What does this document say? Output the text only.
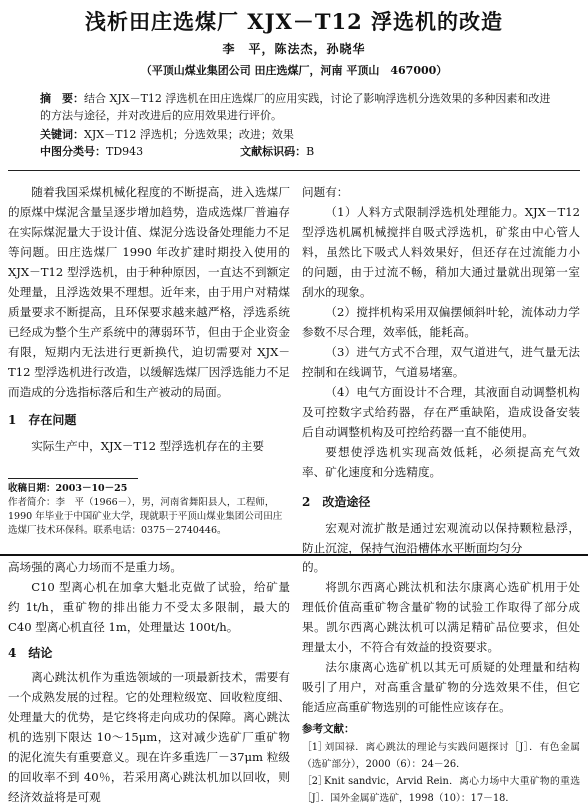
浅析田庄选煤厂 XJX－T12 浮选机的改造
李　平，陈法杰，孙晓华
（平顶山煤业集团公司 田庄选煤厂，河南 平顶山　467000）
摘　要：结合 XJX－T12 浮选机在田庄选煤厂的应用实践，讨论了影响浮选机分选效果的多种因素和改进的方法与途径，并对改进后的应用效果进行评价。
关键词：XJX－T12 浮选机；分选效果；改进；效果
中图分类号：TD943	文献标识码：B

随着我国采煤机械化程度的不断提高，进入选煤厂的原煤中煤泥含量呈逐步增加趋势，造成选煤厂普遍存在实际煤泥量大于设计值、煤泥分选设备处理能力不足等问题。田庄选煤厂 1990 年改扩建时期投入使用的 XJX－T12 型浮选机，由于种种原因，一直达不到额定处理量，且浮选效果不理想。近年来，由于用户对精煤质量要求不断提高，且环保要求越来越严格，浮选系统已经成为整个生产系统中的薄弱环节，但由于企业资金有限，短期内无法进行更新换代，迫切需要对 XJX－T12 型浮选机进行改造，以缓解选煤厂因浮选能力不足而造成的分选指标落后和生产被动的局面。

1　存在问题

实际生产中，XJX－T12 型浮选机存在的主要

收稿日期：2003－10－25
作者简介：李　平（1966－），男，河南省舞阳县人，工程师，1990 年毕业于中国矿业大学，现就职于平顶山煤业集团公司田庄选煤厂技术环保科。联系电话：0375－2740446。

问题有：

（1）人料方式限制浮选机处理能力。XJX－T12 型浮选机属机械搅拌自吸式浮选机，矿浆由中心管人料，虽然比下吸式人料效果好，但还存在过流能力小的问题，由于过流不畅，稍加大通过量就出现第一室刮水的现象。

（2）搅拌机构采用双偏摆倾斜叶轮，流体动力学参数不尽合理，效率低，能耗高。

（3）进气方式不合理，双气道进气，进气量无法控制和在线调节，气道易堵塞。

（4）电气方面设计不合理，其液面自动调整机构及可控数字式给药器，存在严重缺陷，造成设备安装后自动调整机构及可控给药器一直不能使用。

要想使浮选机实现高效低耗，必须提高充气效率、矿化速度和分选精度。

2　改造途径

宏观对流扩散是通过宏观流动以保持颗粒悬浮，防止沉淀，保持气泡沿槽体水平断面均匀分

高场强的离心力场而不是重力场。

C10 型离心机在加拿大魁北克做了试验，给矿量约 1t/h，重矿物的排出能力不受太多限制，最大的 C40 型离心机直径 1m，处理量达 100t/h。

4　结论

离心跳汰机作为重选领域的一项最新技术，需要有一个成熟发展的过程。它的处理粒级宽、回收粒度细、处理量大的优势，是它终将走向成功的保障。离心跳汰机的选别下限达 10～15μm，这对减少选矿厂重矿物的泥化流失有重要意义。现在许多重选厂－37μm 粒级的回收率不到 40％，若采用离心跳汰机加以回收，则经济效益将是可观

的。

将凯尔西离心跳汰机和法尔康离心选矿机用于处理低价值高重矿物含量矿物的试验工作取得了部分成果。凯尔西离心跳汰机可以满足精矿品位要求，但处理量太小，不符合有效益的投资要求。

法尔康离心选矿机以其无可质疑的处理量和结构吸引了用户，对高重含量矿物的分选效果不佳，但它能适应高重矿物选别的可能性应该存在。

参考文献：
［1］刘国禄．离心跳汰的理论与实践问题探讨［J］．有色金属（选矿部分），2000（6）：24－26．
［2］Knit sandvic，Arvid Rein．离心力场中大重矿物的重选［J］．国外金属矿选矿，1998（10）：17－18．
